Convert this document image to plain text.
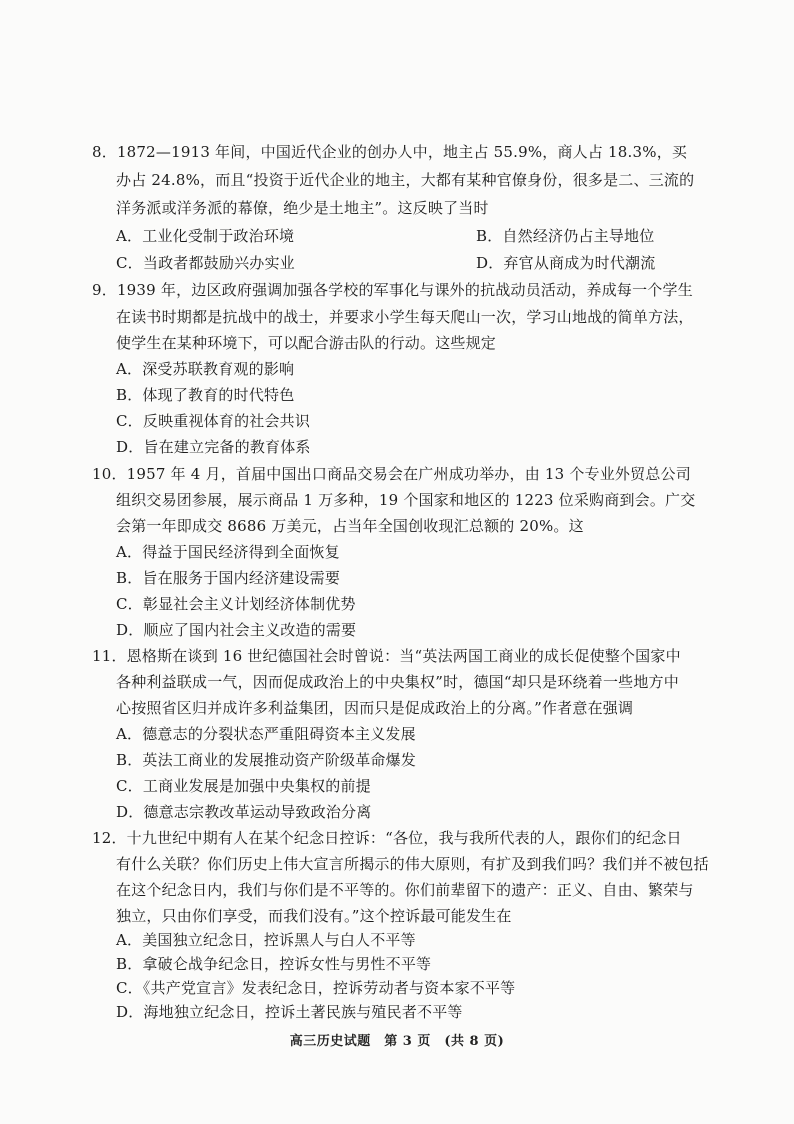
8．1872—1913 年间，中国近代企业的创办人中，地主占 55.9%，商人占 18.3%，买
办占 24.8%，而且“投资于近代企业的地主，大都有某种官僚身份，很多是二、三流的
洋务派或洋务派的幕僚，绝少是土地主”。这反映了当时
A．工业化受制于政治环境	B．自然经济仍占主导地位
C．当政者都鼓励兴办实业	D．弃官从商成为时代潮流
9．1939 年，边区政府强调加强各学校的军事化与课外的抗战动员活动，养成每一个学生
在读书时期都是抗战中的战士，并要求小学生每天爬山一次，学习山地战的简单方法，
使学生在某种环境下，可以配合游击队的行动。这些规定
A．深受苏联教育观的影响
B．体现了教育的时代特色
C．反映重视体育的社会共识
D．旨在建立完备的教育体系
10．1957 年 4 月，首届中国出口商品交易会在广州成功举办，由 13 个专业外贸总公司
组织交易团参展，展示商品 1 万多种，19 个国家和地区的 1223 位采购商到会。广交
会第一年即成交 8686 万美元，占当年全国创收现汇总额的 20%。这
A．得益于国民经济得到全面恢复
B．旨在服务于国内经济建设需要
C．彰显社会主义计划经济体制优势
D．顺应了国内社会主义改造的需要
11．恩格斯在谈到 16 世纪德国社会时曾说：当“英法两国工商业的成长促使整个国家中
各种利益联成一气，因而促成政治上的中央集权”时，德国“却只是环绕着一些地方中
心按照省区归并成许多利益集团，因而只是促成政治上的分离。”作者意在强调
A．德意志的分裂状态严重阻碍资本主义发展
B．英法工商业的发展推动资产阶级革命爆发
C．工商业发展是加强中央集权的前提
D．德意志宗教改革运动导致政治分离
12．十九世纪中期有人在某个纪念日控诉：“各位，我与我所代表的人，跟你们的纪念日
有什么关联？你们历史上伟大宣言所揭示的伟大原则，有扩及到我们吗？我们并不被包括
在这个纪念日内，我们与你们是不平等的。你们前辈留下的遗产：正义、自由、繁荣与
独立，只由你们享受，而我们没有。”这个控诉最可能发生在
A．美国独立纪念日，控诉黑人与白人不平等
B．拿破仑战争纪念日，控诉女性与男性不平等
C．《共产党宣言》发表纪念日，控诉劳动者与资本家不平等
D．海地独立纪念日，控诉土著民族与殖民者不平等
高三历史试题　第 3 页　(共 8 页)
